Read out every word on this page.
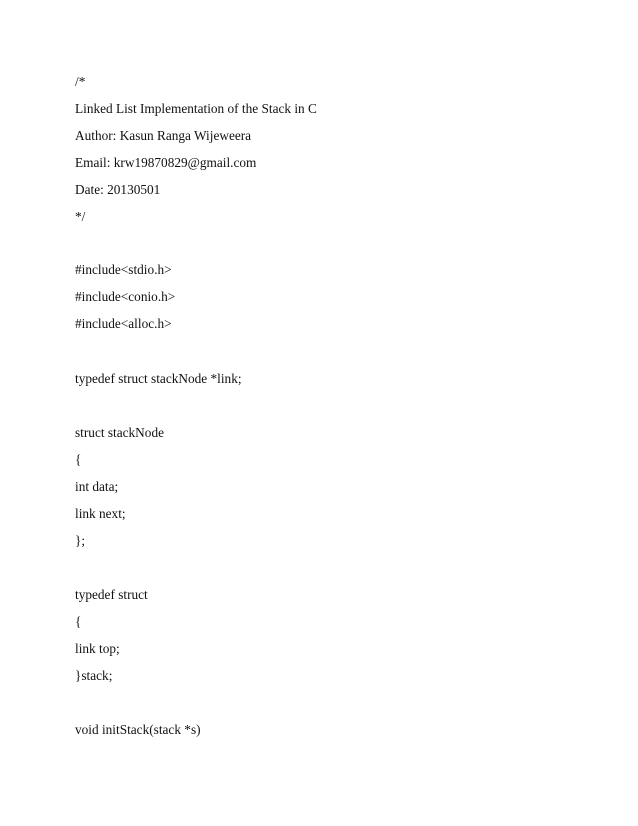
/*
Linked List Implementation of the Stack in C
Author: Kasun Ranga Wijeweera
Email: krw19870829@gmail.com
Date: 20130501
*/
#include<stdio.h>
#include<conio.h>
#include<alloc.h>
typedef struct stackNode *link;
struct stackNode
{
int data;
link next;
};
typedef struct
{
link top;
}stack;
void initStack(stack *s)
